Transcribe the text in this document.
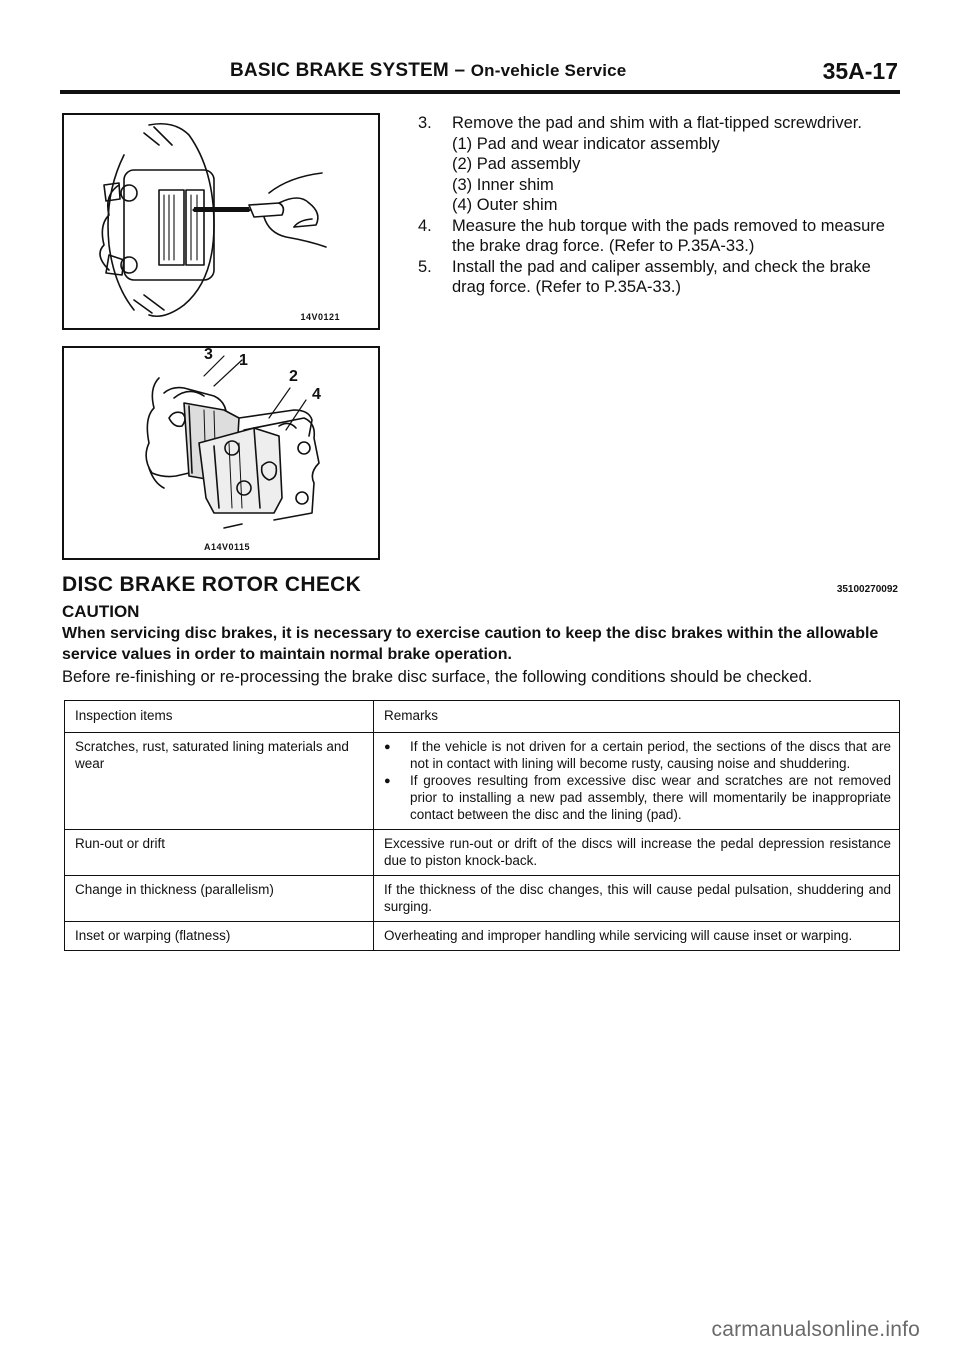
BASIC BRAKE SYSTEM – On-vehicle Service	35A-17
14V0121
3 1
2
4
A14V0115
3.	Remove the pad and shim with a flat-tipped screwdriver.
(1) Pad and wear indicator assembly
(2) Pad assembly
(3) Inner shim
(4) Outer shim
4.	Measure the hub torque with the pads removed to measure the brake drag force. (Refer to P.35A-33.)
5.	Install the pad and caliper assembly, and check the brake drag force. (Refer to P.35A-33.)
DISC BRAKE ROTOR CHECK	35100270092
CAUTION
When servicing disc brakes, it is necessary to exercise caution to keep the disc brakes within the allowable service values in order to maintain normal brake operation.
Before re-finishing or re-processing the brake disc surface, the following conditions should be checked.
Inspection items	Remarks
Scratches, rust, saturated lining materials and wear	● If the vehicle is not driven for a certain period, the sections of the discs that are not in contact with lining will become rusty, causing noise and shuddering.
● If grooves resulting from excessive disc wear and scratches are not removed prior to installing a new pad assembly, there will momentarily be inappropriate contact between the disc and the lining (pad).

Run-out or drift	Excessive run-out or drift of the discs will increase the pedal depression resistance due to piston knock-back.
Change in thickness (parallelism)	If the thickness of the disc changes, this will cause pedal pulsation, shuddering and surging.
Inset or warping (flatness)	Overheating and improper handling while servicing will cause inset or warping.
carmanualsonline.info
